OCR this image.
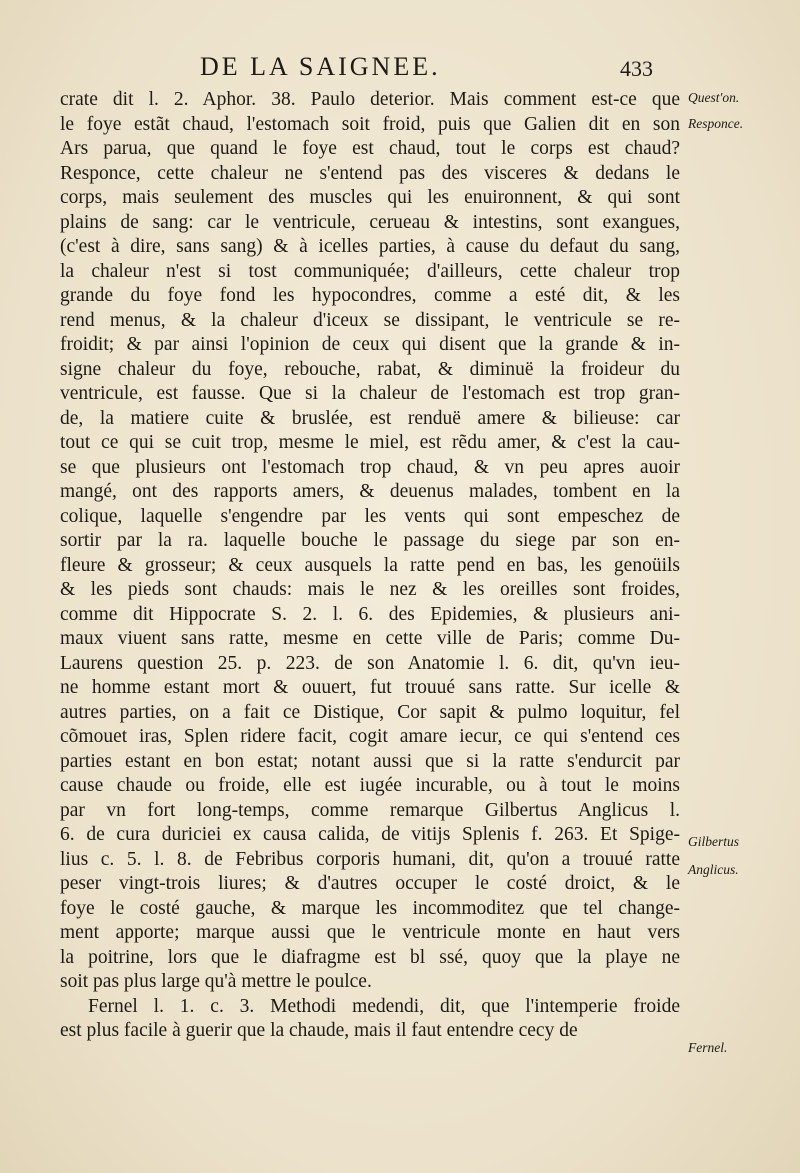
DE LA SAIGNEE.	433
crate dit l. 2. Aphor. 38. Paulo deterior. Mais comment est-ce que
le foye estãt chaud, l'estomach soit froid, puis que Galien dit en son
Ars parua, que quand le foye est chaud, tout le corps est chaud?
Responce, cette chaleur ne s'entend pas des visceres & dedans le
corps, mais seulement des muscles qui les enuironnent, & qui sont
plains de sang: car le ventricule, cerueau & intestins, sont exangues,
(c'est à dire, sans sang) & à icelles parties, à cause du defaut du sang,
la chaleur n'est si tost communiquée; d'ailleurs, cette chaleur trop
grande du foye fond les hypocondres, comme a esté dit, & les
rend menus, & la chaleur d'iceux se dissipant, le ventricule se re-
froidit; & par ainsi l'opinion de ceux qui disent que la grande & in-
signe chaleur du foye, rebouche, rabat, & diminuë la froideur du
ventricule, est fausse. Que si la chaleur de l'estomach est trop gran-
de, la matiere cuite & bruslée, est renduë amere & bilieuse: car
tout ce qui se cuit trop, mesme le miel, est rẽdu amer, & c'est la cau-
se que plusieurs ont l'estomach trop chaud, & vn peu apres auoir
mangé, ont des rapports amers, & deuenus malades, tombent en la
colique, laquelle s'engendre par les vents qui sont empeschez de
sortir par la ra. laquelle bouche le passage du siege par son en-
fleure & grosseur; & ceux ausquels la ratte pend en bas, les genoüils
& les pieds sont chauds: mais le nez & les oreilles sont froides,
comme dit Hippocrate S. 2. l. 6. des Epidemies, & plusieurs ani-
maux viuent sans ratte, mesme en cette ville de Paris; comme Du-
Laurens question 25. p. 223. de son Anatomie l. 6. dit, qu'vn ieu-
ne homme estant mort & ouuert, fut trouué sans ratte. Sur icelle &
autres parties, on a fait ce Distique, Cor sapit & pulmo loquitur, fel
cõmouet iras, Splen ridere facit, cogit amare iecur, ce qui s'entend ces
parties estant en bon estat; notant aussi que si la ratte s'endurcit par
cause chaude ou froide, elle est iugée incurable, ou à tout le moins
par vn fort long-temps, comme remarque Gilbertus Anglicus l.
6. de cura duriciei ex causa calida, de vitijs Splenis f. 263. Et Spige-
lius c. 5. l. 8. de Febribus corporis humani, dit, qu'on a trouué ratte
peser vingt-trois liures; & d'autres occuper le costé droict, & le
foye le costé gauche, & marque les incommoditez que tel change-
ment apporte; marque aussi que le ventricule monte en haut vers
la poitrine, lors que le diafragme est bl ssé, quoy que la playe ne
soit pas plus large qu'à mettre le poulce.
Fernel l. 1. c. 3. Methodi medendi, dit, que l'intemperie froide
est plus facile à guerir que la chaude, mais il faut entendre cecy de
Quest'on.
Responce.
Gilbertus
Anglicus.
Fernel.
